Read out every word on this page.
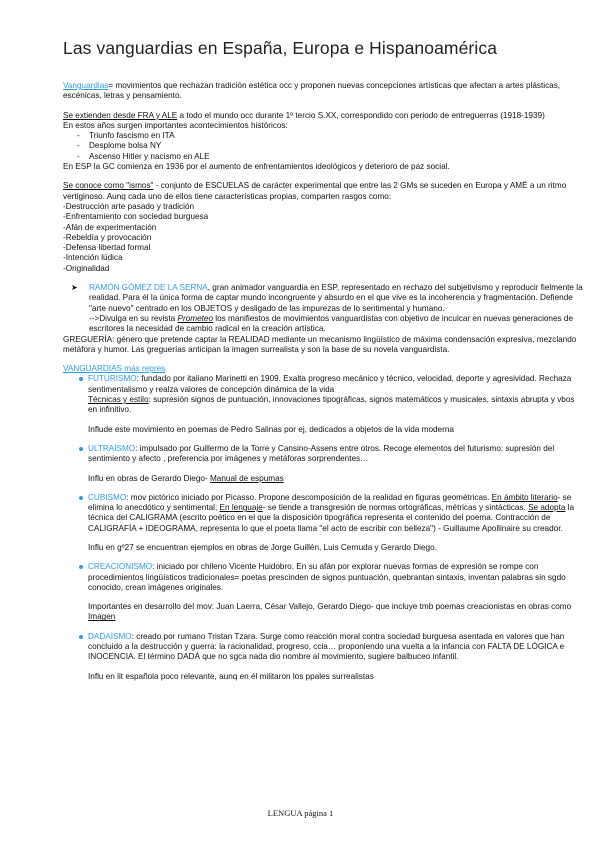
Las vanguardias en España, Europa e Hispanoamérica

Vanguardias= movimientos que rechazan tradición estética occ y proponen nuevas concepciones artísticas que afectan a artes plásticas, escénicas, letras y pensamiento.

Se extienden desde FRA y ALE a todo el mundo occ durante 1º tercio S.XX, correspondido con periodo de entreguerras (1918-1939)

En estos años surgen importantes acontecimientos históricos:

- Triunfo fascismo en ITA
- Desplome bolsa NY
- Ascenso Hitler y nacismo en ALE

En ESP la GC comienza en 1936 por el aumento de enfrentamientos ideológicos y deterioro de paz social.

Se conoce como "ismos" - conjunto de ESCUELAS de carácter experimental que entre las 2 GMs se suceden en Europa y AMÉ a un ritmo vertiginoso. Aunq cada uno de ellos tiene características propias, comparten rasgos como:

-Destrucción arte pasado y tradición

-Enfrentamiento con sociedad burguesa

-Afán de experimentación

-Rebeldía y provocación

-Defensa libertad formal

-Intención lúdica

-Originalidad

➤ RAMÓN GÓMEZ DE LA SERNA, gran animador vanguardia en ESP, representado en rechazo del subjetivismo y reproducir fielmente la realidad. Para él la única forma de captar mundo incongruente y absurdo en el que vive es la incoherencia y fragmentación. Defiende "arte nuevo" centrado en los OBJETOS y desligado de las impurezas de lo sentimental y humano.

-->Divulga en su revista Prometeo los manifiestos de movimientos vanguardistas con objetivo de inculcar en nuevas generaciones de escritores la necesidad de cambio radical en la creación artística.

GREGUERÍA: género que pretende captar la REALIDAD mediante un mecanismo lingüístico de máxima condensación expresiva, mezclando metáfora y humor. Las greguerías anticipan la imagen surrealista y son la base de su novela vanguardista.

VANGUARDIAS más repres

FUTURISMO: fundado por italiano Marinetti en 1909. Exalta progreso mecánico y técnico, velocidad, deporte y agresividad. Rechaza sentimentalismo y realza valores de concepción dinámica de la vida

Técnicas y estilo: supresión signos de puntuación, innovaciones tipográficas, signos matemáticos y musicales, sintaxis abrupta y vbos en infinitivo.

Influde este movimiento en poemas de Pedro Salinas por ej, dedicados a objetos de la vida moderna

ULTRAÍSMO: impulsado por Guillermo de la Torre y Cansino-Assens entre otros. Recoge elementos del futurismo: supresión del sentimiento y afecto , preferencia por imágenes y metáforas sorprendentes…

Influ en obras de Gerardo Diego- Manual de espumas

CUBISMO: mov pictórico iniciado por Picasso. Propone descomposición de la realidad en figuras geométricas. En ámbito literario- se elimina lo anecdótico y sentimental; En lenguaje- se tiende a transgresión de normas ortográficas, métricas y sintácticas. Se adopta la técnica del CALIGRAMA (escrito poético en el que la disposición tipográfica representa el contenido del poema. Contracción de CALIGRAFÍA + IDEOGRAMA, representa lo que el poeta llama "el acto de escribir con belleza") - Guillaume Apollinaire su creador.

Influ en gº27 se encuentran ejemplos en obras de Jorge Guillén, Luis Cernuda y Gerardo Diego.

CREACIONISMO: iniciado por chileno Vicente Huidobro. En su afán por explorar nuevas formas de expresión se rompe con procedimientos lingüísticos tradicionales= poetas prescinden de signos puntuación, quebrantan sintaxis, inventan palabras sin sgdo conocido, crean imágenes originales.

Importantes en desarrollo del mov: Juan Laerra, César Vallejo, Gerardo Diego- que incluye tmb poemas creacionistas en obras como Imagen

DADAÍSMO: creado por rumano Tristan Tzara. Surge como reacción moral contra sociedad burguesa asentada en valores que han concluido a la destrucción y guerra: la racionalidad, progreso, ccia… proponiendo una vuelta a la infancia con FALTA DE LÓGICA e INOCENCIA. El término DADÁ que no sgca nada dio nombre al movimiento, sugiere balbuceo infantil.

Influ en lit española poco relevante, aunq en él militaron los ppales surrealistas

LENGUA página 1
